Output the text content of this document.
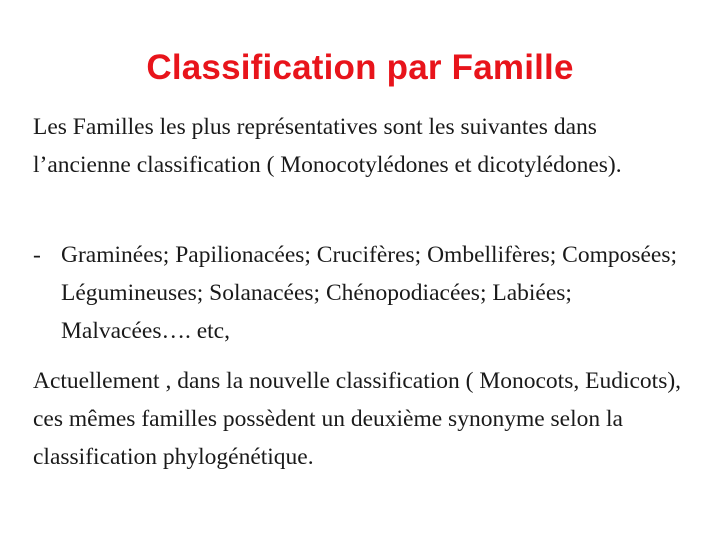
Classification par Famille

Les Familles les plus représentatives sont les suivantes dans l’ancienne classification ( Monocotylédones et dicotylédones).

- Graminées; Papilionacées; Crucifères; Ombellifères; Composées; Légumineuses; Solanacées; Chénopodiacées; Labiées; Malvacées…. etc,

Actuellement , dans la nouvelle classification ( Monocots, Eudicots), ces mêmes familles possèdent un deuxième synonyme selon la classification phylogénétique.
